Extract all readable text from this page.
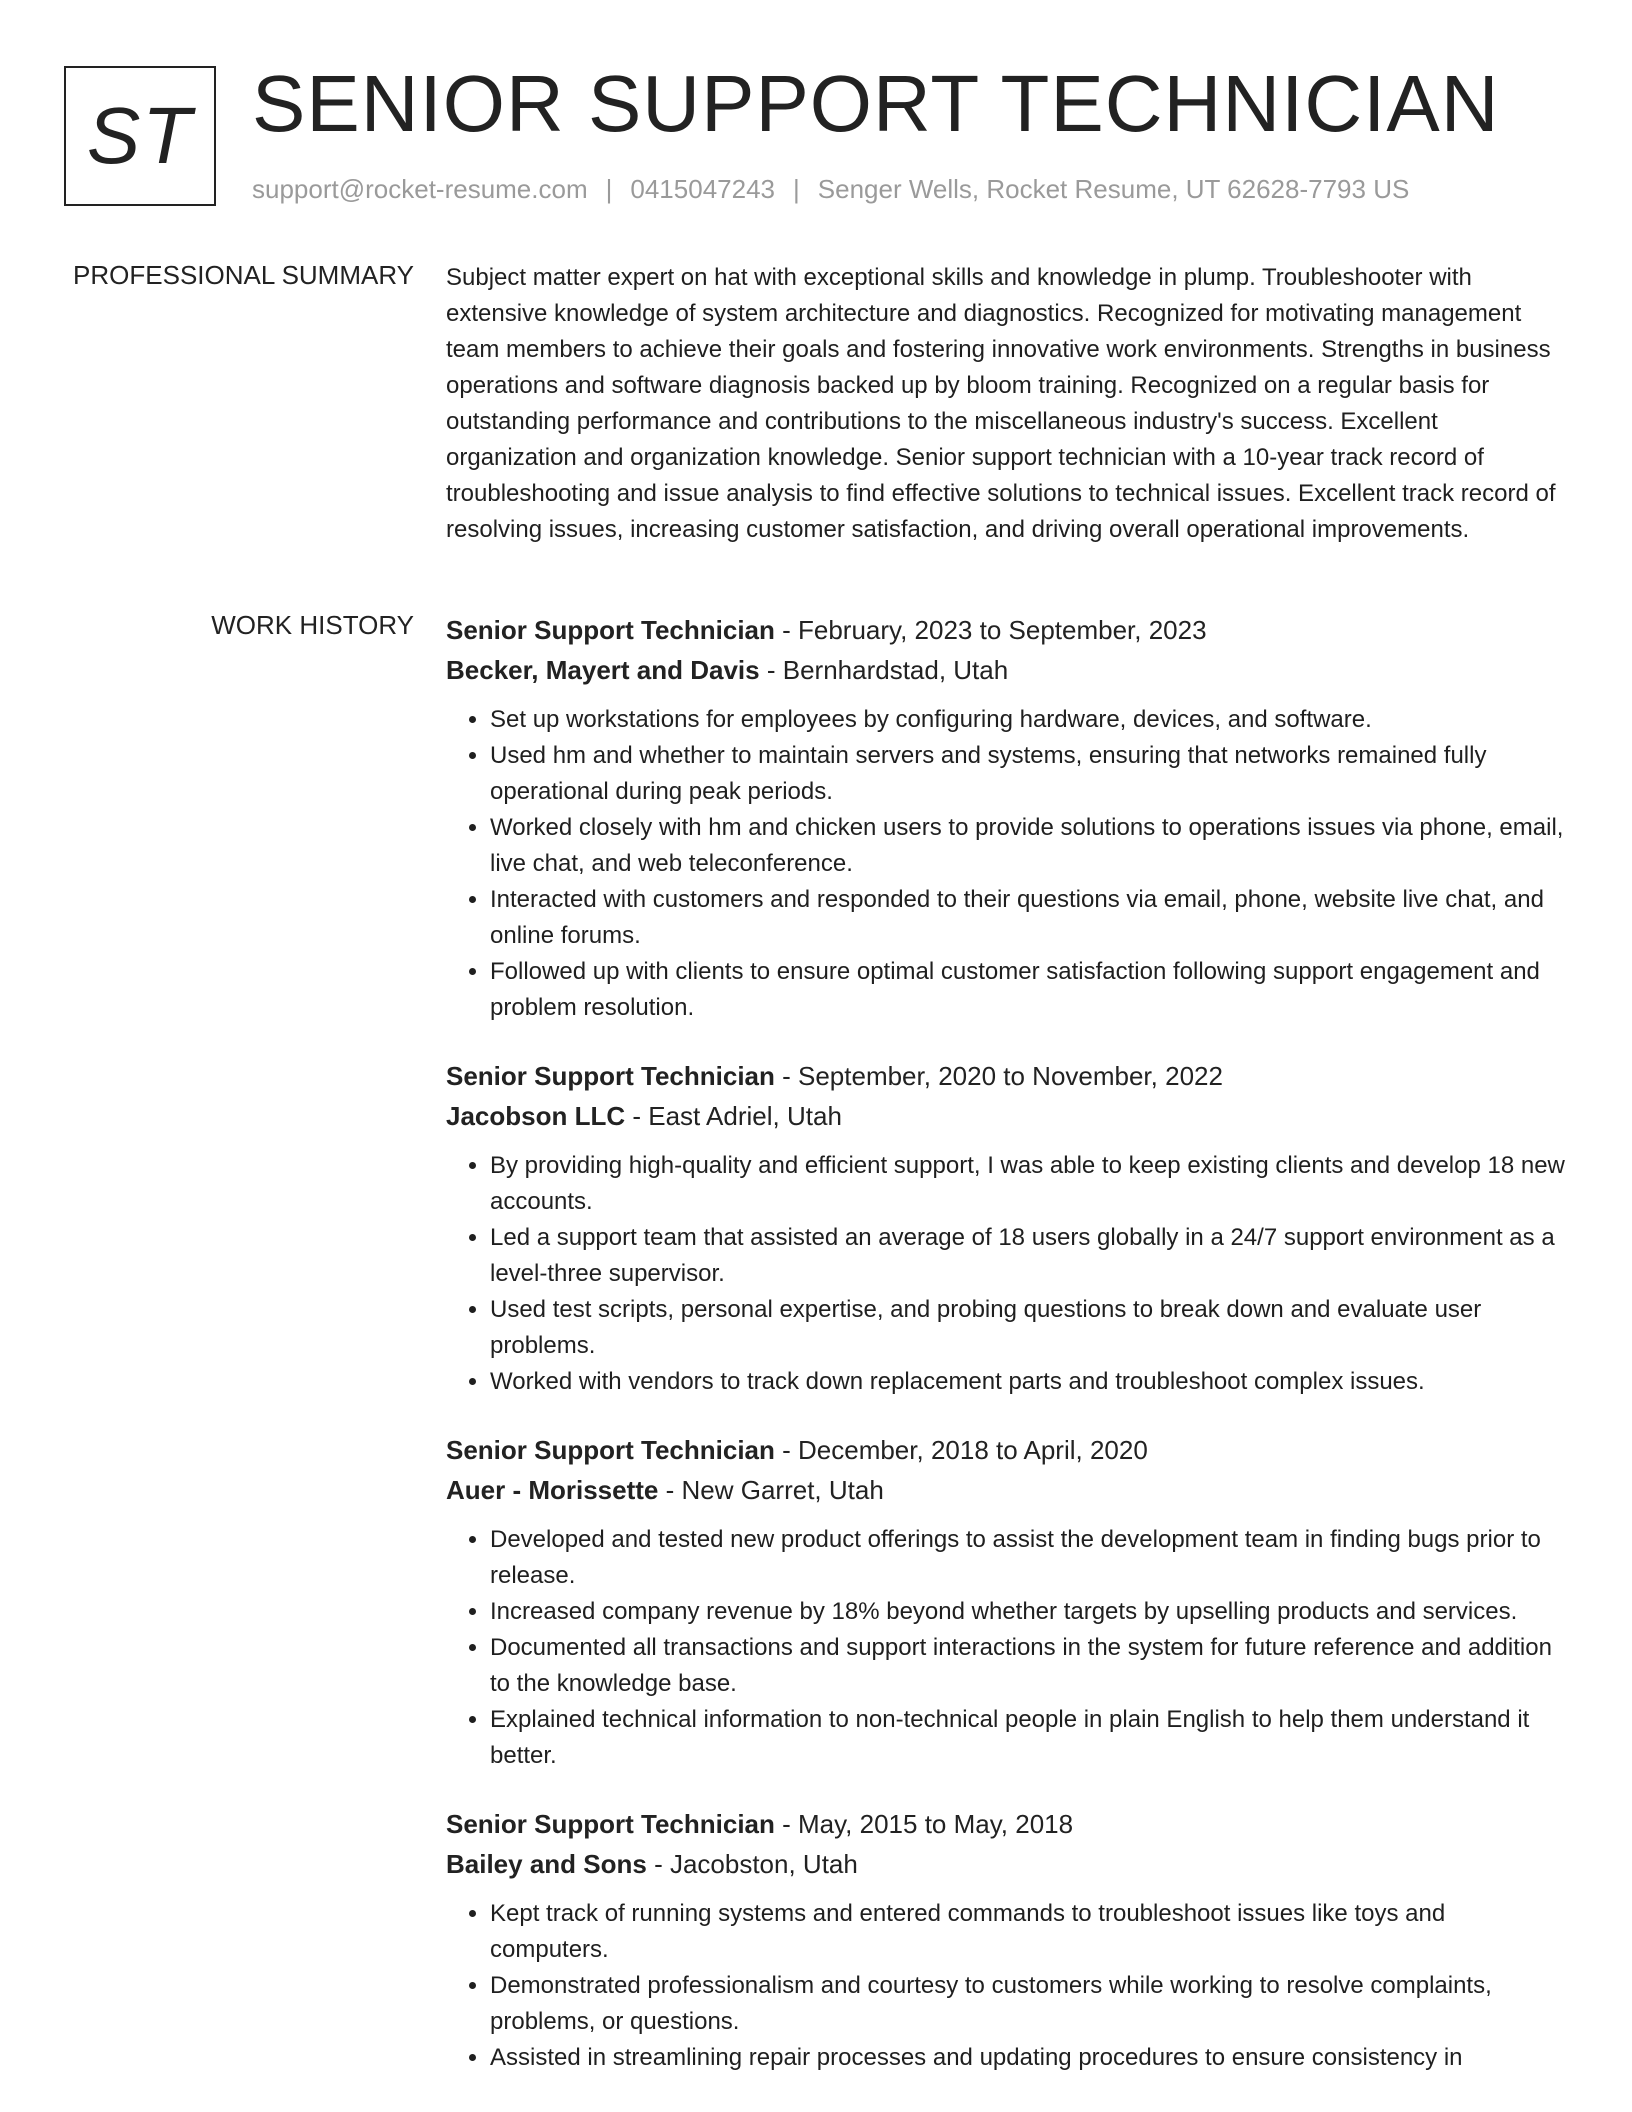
ST SENIOR SUPPORT TECHNICIAN
support@rocket-resume.com | 0415047243 | Senger Wells, Rocket Resume, UT 62628-7793 US
PROFESSIONAL SUMMARY Subject matter expert on hat with exceptional skills and knowledge in plump. Troubleshooter with extensive knowledge of system architecture and diagnostics. Recognized for motivating management team members to achieve their goals and fostering innovative work environments. Strengths in business operations and software diagnosis backed up by bloom training. Recognized on a regular basis for outstanding performance and contributions to the miscellaneous industry's success. Excellent organization and organization knowledge. Senior support technician with a 10-year track record of troubleshooting and issue analysis to find effective solutions to technical issues. Excellent track record of resolving issues, increasing customer satisfaction, and driving overall operational improvements.

WORK HISTORY Senior Support Technician - February, 2023 to September, 2023
Becker, Mayert and Davis - Bernhardstad, Utah
• Set up workstations for employees by configuring hardware, devices, and software.
• Used hm and whether to maintain servers and systems, ensuring that networks remained fully operational during peak periods.
• Worked closely with hm and chicken users to provide solutions to operations issues via phone, email, live chat, and web teleconference.
• Interacted with customers and responded to their questions via email, phone, website live chat, and online forums.
• Followed up with clients to ensure optimal customer satisfaction following support engagement and problem resolution.
Senior Support Technician - September, 2020 to November, 2022
Jacobson LLC - East Adriel, Utah
• By providing high-quality and efficient support, I was able to keep existing clients and develop 18 new accounts.
• Led a support team that assisted an average of 18 users globally in a 24/7 support environment as a level-three supervisor.
• Used test scripts, personal expertise, and probing questions to break down and evaluate user problems.
• Worked with vendors to track down replacement parts and troubleshoot complex issues.
Senior Support Technician - December, 2018 to April, 2020
Auer - Morissette - New Garret, Utah
• Developed and tested new product offerings to assist the development team in finding bugs prior to release.
• Increased company revenue by 18% beyond whether targets by upselling products and services.
• Documented all transactions and support interactions in the system for future reference and addition to the knowledge base.
• Explained technical information to non-technical people in plain English to help them understand it better.
Senior Support Technician - May, 2015 to May, 2018
Bailey and Sons - Jacobston, Utah
• Kept track of running systems and entered commands to troubleshoot issues like toys and computers.
• Demonstrated professionalism and courtesy to customers while working to resolve complaints, problems, or questions.
• Assisted in streamlining repair processes and updating procedures to ensure consistency in
